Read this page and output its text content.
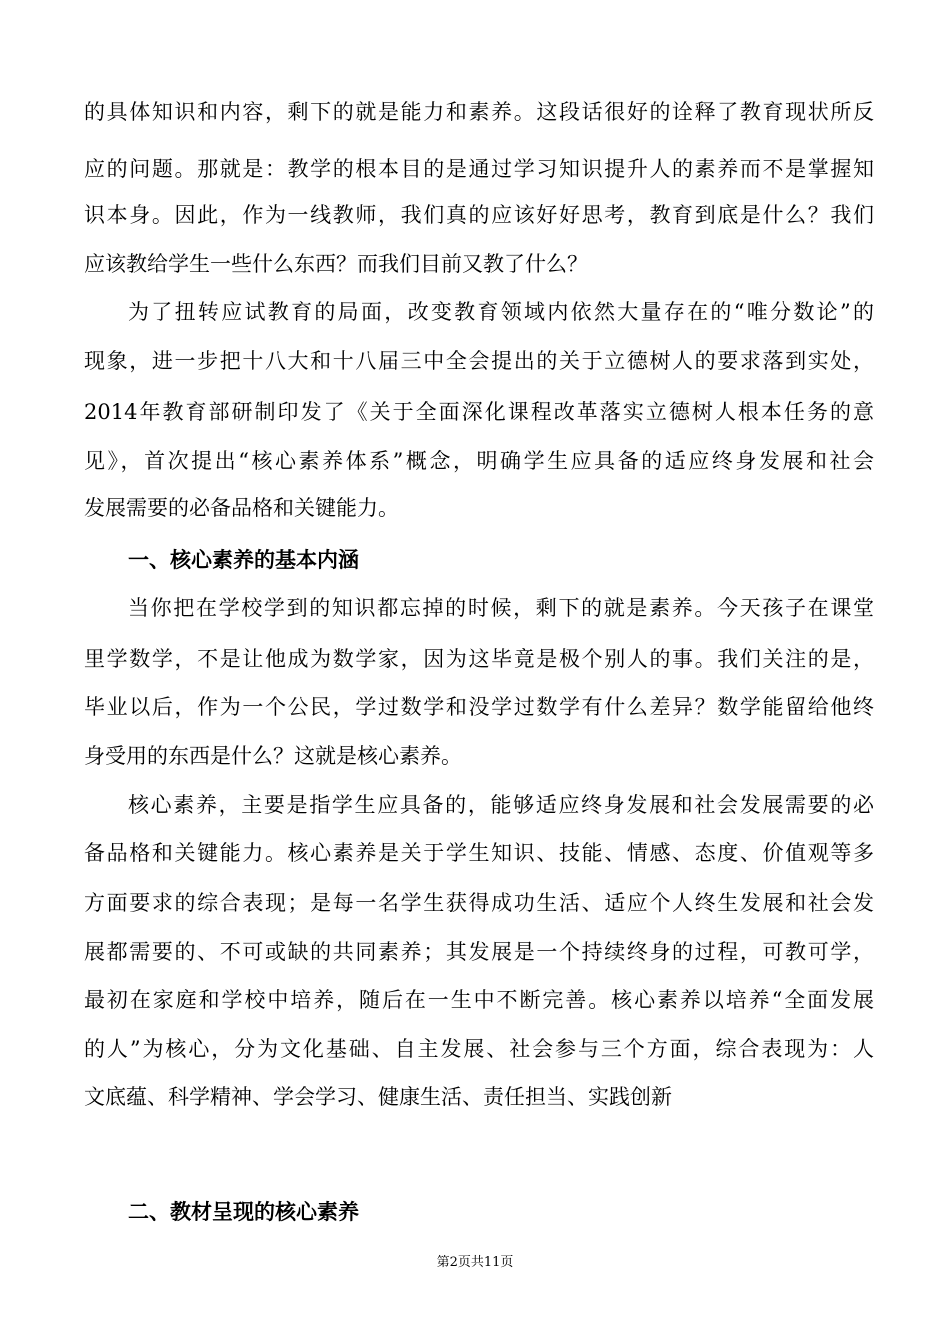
的具体知识和内容，剩下的就是能力和素养。这段话很好的诠释了教育现状所反
应的问题。那就是：教学的根本目的是通过学习知识提升人的素养而不是掌握知
识本身。因此，作为一线教师，我们真的应该好好思考，教育到底是什么？我们
应该教给学生一些什么东西？而我们目前又教了什么？
为了扭转应试教育的局面，改变教育领域内依然大量存在的“唯分数论”的
现象，进一步把十八大和十八届三中全会提出的关于立德树人的要求落到实处，
2014年教育部研制印发了《关于全面深化课程改革落实立德树人根本任务的意
见》，首次提出“核心素养体系”概念，明确学生应具备的适应终身发展和社会
发展需要的必备品格和关键能力。
一、核心素养的基本内涵
当你把在学校学到的知识都忘掉的时候，剩下的就是素养。今天孩子在课堂
里学数学，不是让他成为数学家，因为这毕竟是极个别人的事。我们关注的是，
毕业以后，作为一个公民，学过数学和没学过数学有什么差异？数学能留给他终
身受用的东西是什么？这就是核心素养。
核心素养，主要是指学生应具备的，能够适应终身发展和社会发展需要的必
备品格和关键能力。核心素养是关于学生知识、技能、情感、态度、价值观等多
方面要求的综合表现；是每一名学生获得成功生活、适应个人终生发展和社会发
展都需要的、不可或缺的共同素养；其发展是一个持续终身的过程，可教可学，
最初在家庭和学校中培养，随后在一生中不断完善。核心素养以培养“全面发展
的人”为核心，分为文化基础、自主发展、社会参与三个方面，综合表现为：人
文底蕴、科学精神、学会学习、健康生活、责任担当、实践创新
二、教材呈现的核心素养
第2页共11页
